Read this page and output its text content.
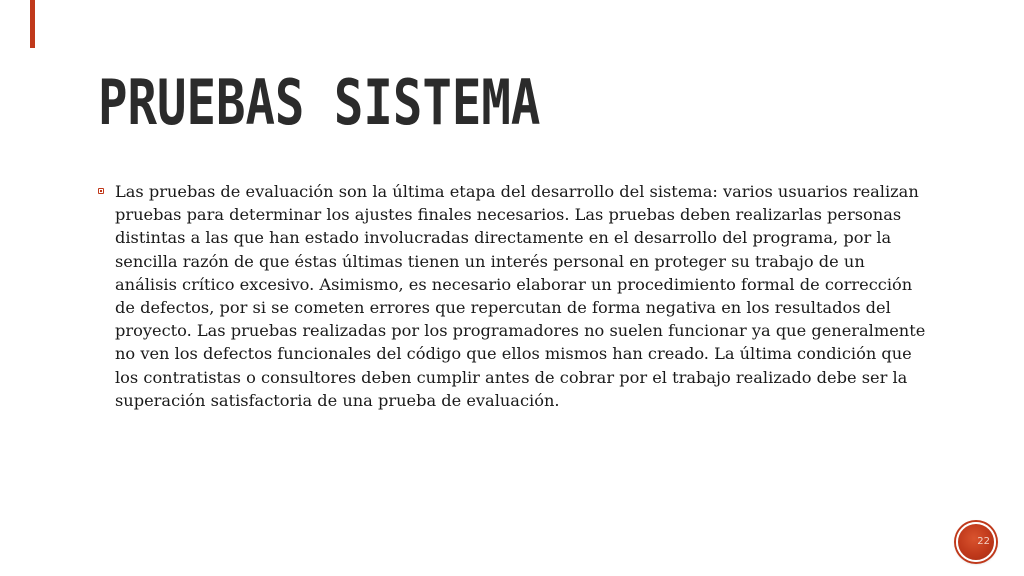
PRUEBAS SISTEMA

Las pruebas de evaluación son la última etapa del desarrollo del sistema: varios usuarios realizan pruebas para determinar los ajustes finales necesarios. Las pruebas deben realizarlas personas distintas a las que han estado involucradas directamente en el desarrollo del programa, por la sencilla razón de que éstas últimas tienen un interés personal en proteger su trabajo de un análisis crítico excesivo. Asimismo, es necesario elaborar un procedimiento formal de corrección de defectos, por si se cometen errores que repercutan de forma negativa en los resultados del proyecto. Las pruebas realizadas por los programadores no suelen funcionar ya que generalmente no ven los defectos funcionales del código que ellos mismos han creado. La última condición que los contratistas o consultores deben cumplir antes de cobrar por el trabajo realizado debe ser la superación satisfactoria de una prueba de evaluación.

22
